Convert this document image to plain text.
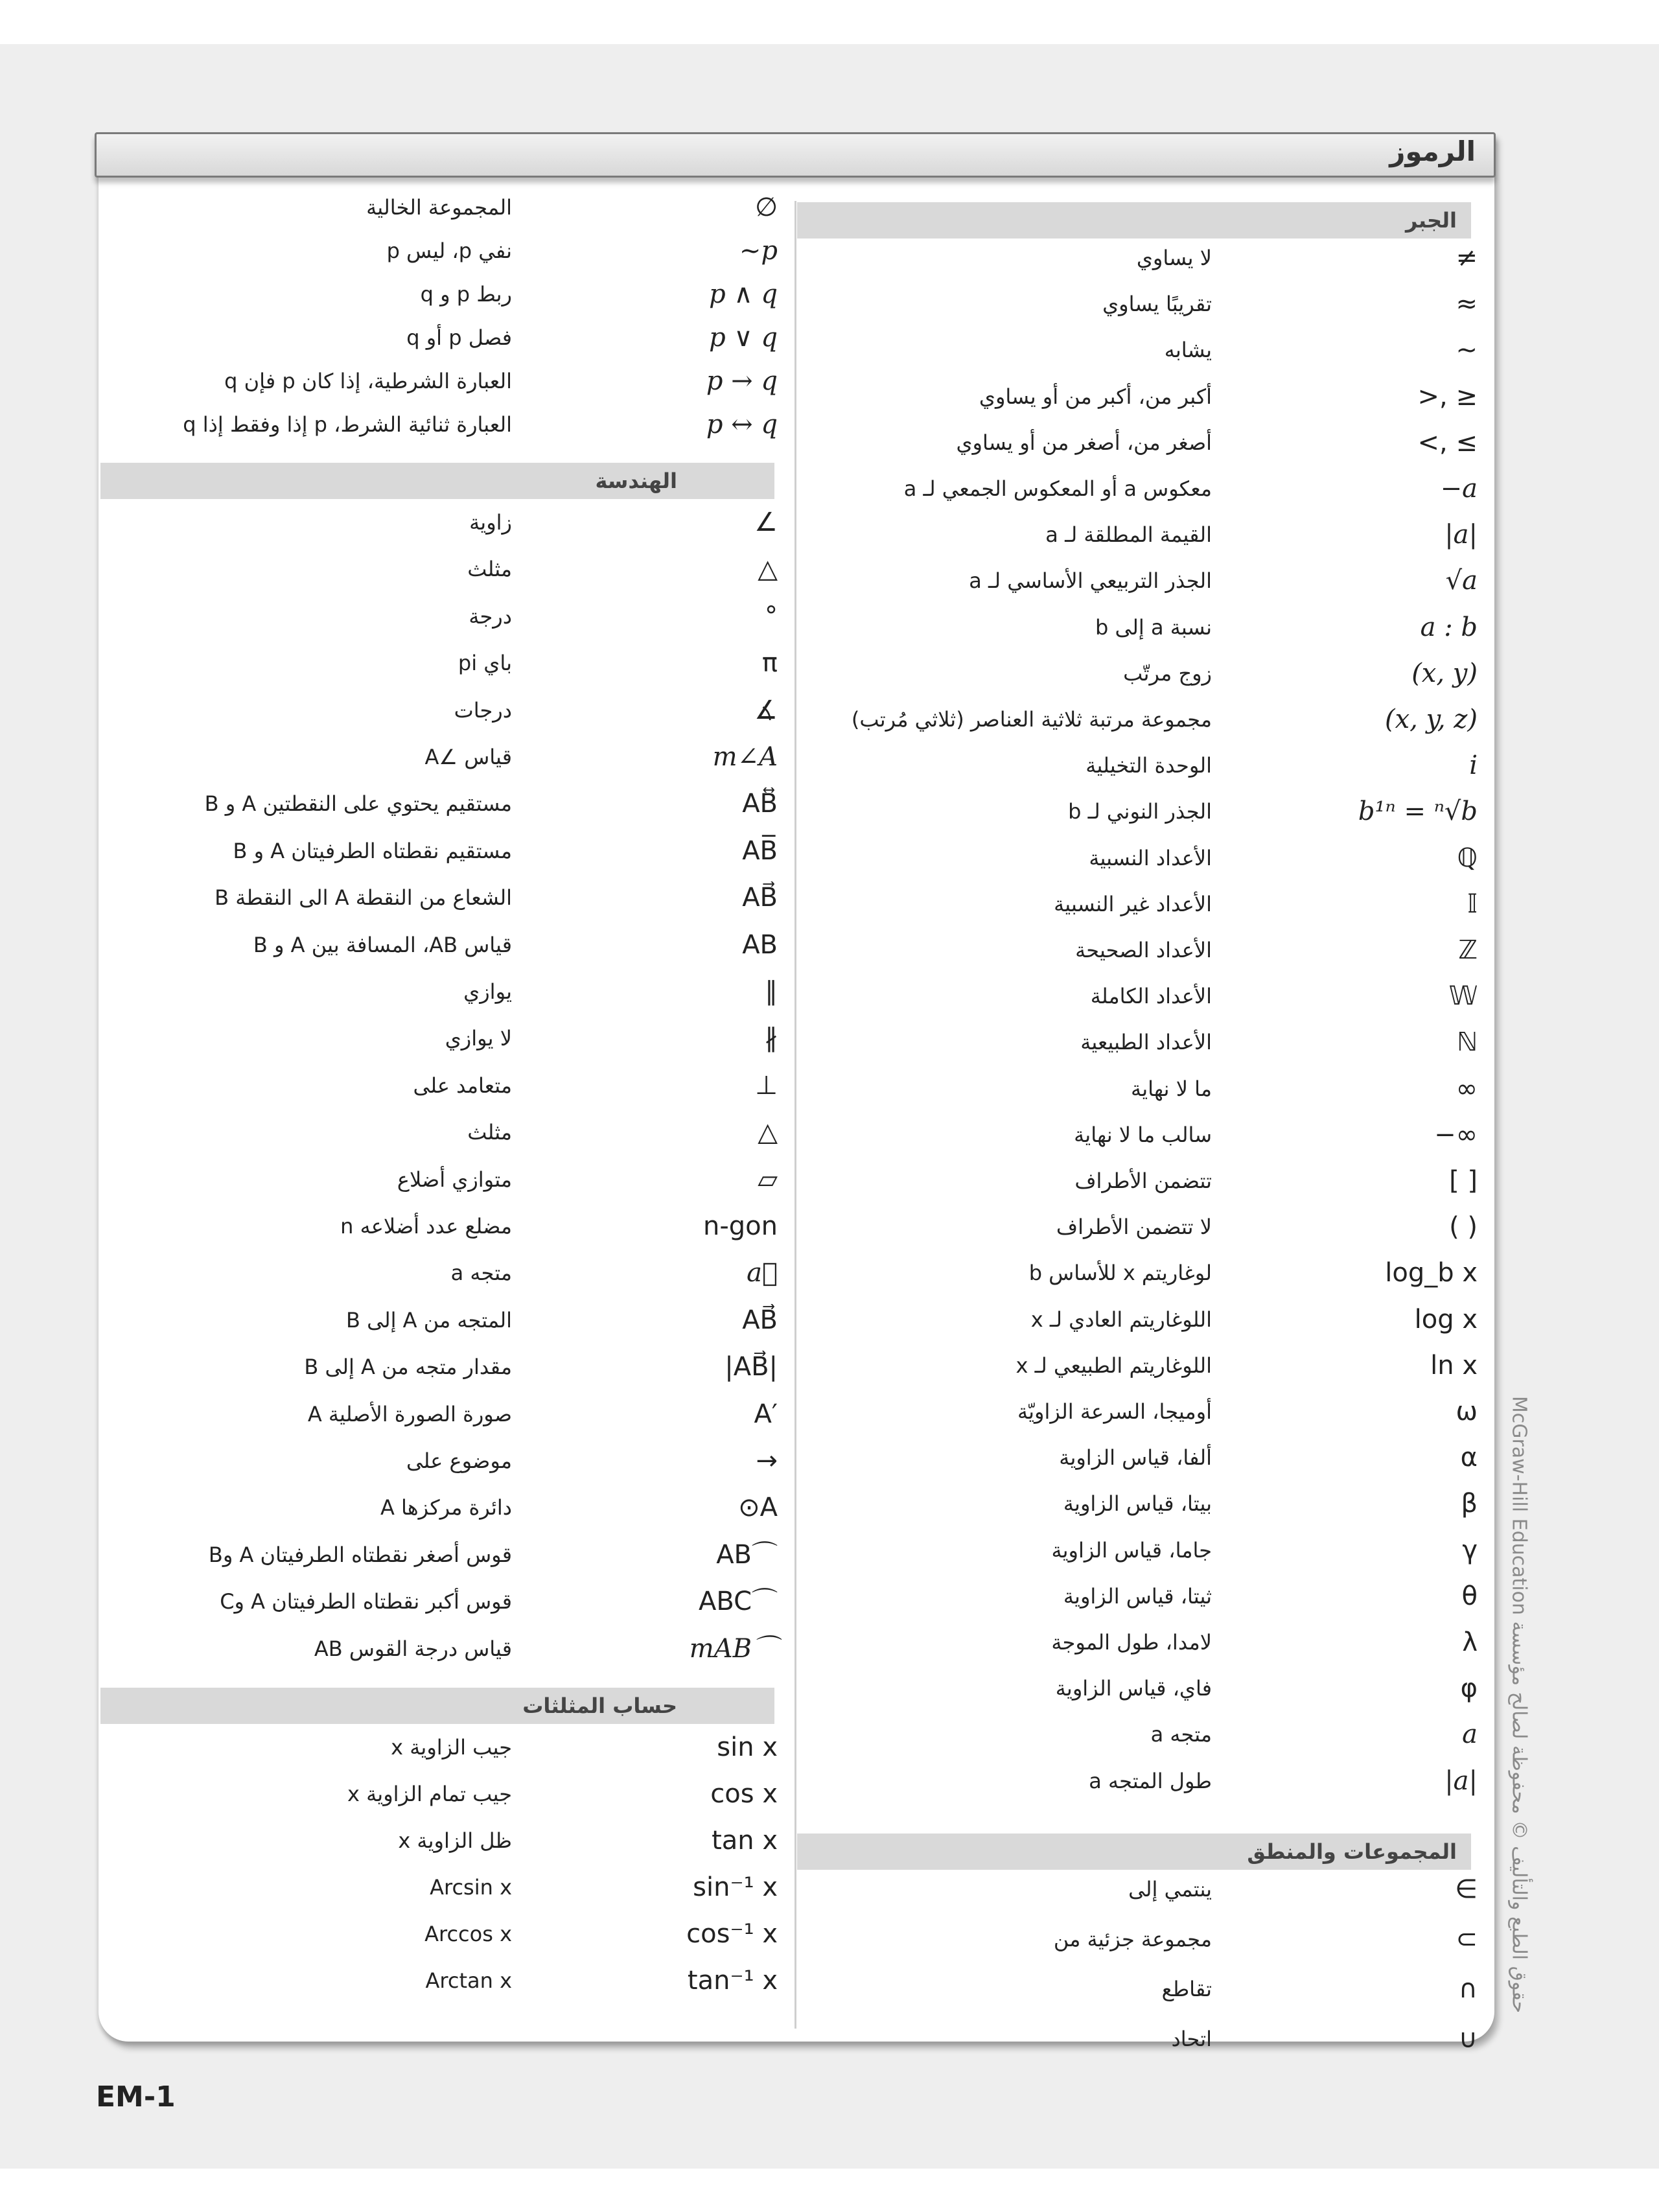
الرموز
الجبر
≠
لا يساوي
≈
تقريبًا يساوي
~
يشابه
>, ≥
أكبر من، أكبر من أو يساوي
<, ≤
أصغر من، أصغر من أو يساوي
−a
معكوس a أو المعكوس الجمعي لـ a
|a|
القيمة المطلقة لـ a
√a
الجذر التربيعي الأساسي لـ a
a : b
نسبة a إلى b
(x, y)
زوج مرتّب
(x, y, z)
مجموعة مرتبة ثلاثية العناصر (ثلاثي مُرتب)
i
الوحدة التخيلية
b¹ⁿ = ⁿ√b
الجذر النوني لـ b
ℚ
الأعداد النسبية
𝕀
الأعداد غير النسبية
ℤ
الأعداد الصحيحة
𝕎
الأعداد الكاملة
ℕ
الأعداد الطبيعية
∞
ما لا نهاية
−∞
سالب ما لا نهاية
[ ]
تتضمن الأطراف
( )
لا تتضمن الأطراف
log_b x
لوغاريتم x للأساس b
log x
اللوغاريتم العادي لـ x
ln x
اللوغاريتم الطبيعي لـ x
ω
أوميجا، السرعة الزاويّة
α
ألفا، قياس الزاوية
β
بيتا، قياس الزاوية
γ
جاما، قياس الزاوية
θ
ثيتا، قياس الزاوية
λ
لامدا، طول الموجة
φ
فاي، قياس الزاوية
a
متجه a
|a|
طول المتجه a
المجموعات والمنطق
∈
ينتمي إلى
⊂
مجموعة جزئية من
∩
تقاطع
∪
اتحاد
∅
المجموعة الخالية
~p
نفي p، ليس p
p ∧ q
ربط p و q
p ∨ q
فصل p أو q
p → q
العبارة الشرطية، إذا كان p فإن q
p ↔ q
العبارة ثنائية الشرط، p إذا وفقط إذا q
الهندسة
∠
زاوية
△
مثلث
°
درجة
π
باي pi
∡
درجات
m∠A
قياس ∠A
AB⃡
مستقيم يحتوي على النقطتين A و B
AB̅
مستقيم نقطتاه الطرفيتان A و B
AB⃗
الشعاع من النقطة A الى النقطة B
AB
قياس AB، المسافة بين A و B
∥
يوازي
∦
لا يوازي
⊥
متعامد على
△
مثلث
▱
متوازي أضلاع
n-gon
مضلع عدد أضلاعه n
a⃗
متجه a
AB⃗
المتجه من A إلى B
|AB⃗|
مقدار متجه من A إلى B
A′
صورة الصورة الأصلية A
→
موضوع على
⊙A
دائرة مركزها A
AB⌒
قوس أصغر نقطتاه الطرفيتان A وB
ABC⌒
قوس أكبر نقطتاه الطرفيتان A وC
mAB⌒
قياس درجة القوس AB
حساب المثلثات
sin x
جيب الزاوية x
cos x
جيب تمام الزاوية x
tan x
ظل الزاوية x
sin⁻¹ x
Arcsin x
cos⁻¹ x
Arccos x
tan⁻¹ x
Arctan x
حقوق الطبع والتأليف © محفوظة لصالح مؤسسة McGraw-Hill Education
EM-1
